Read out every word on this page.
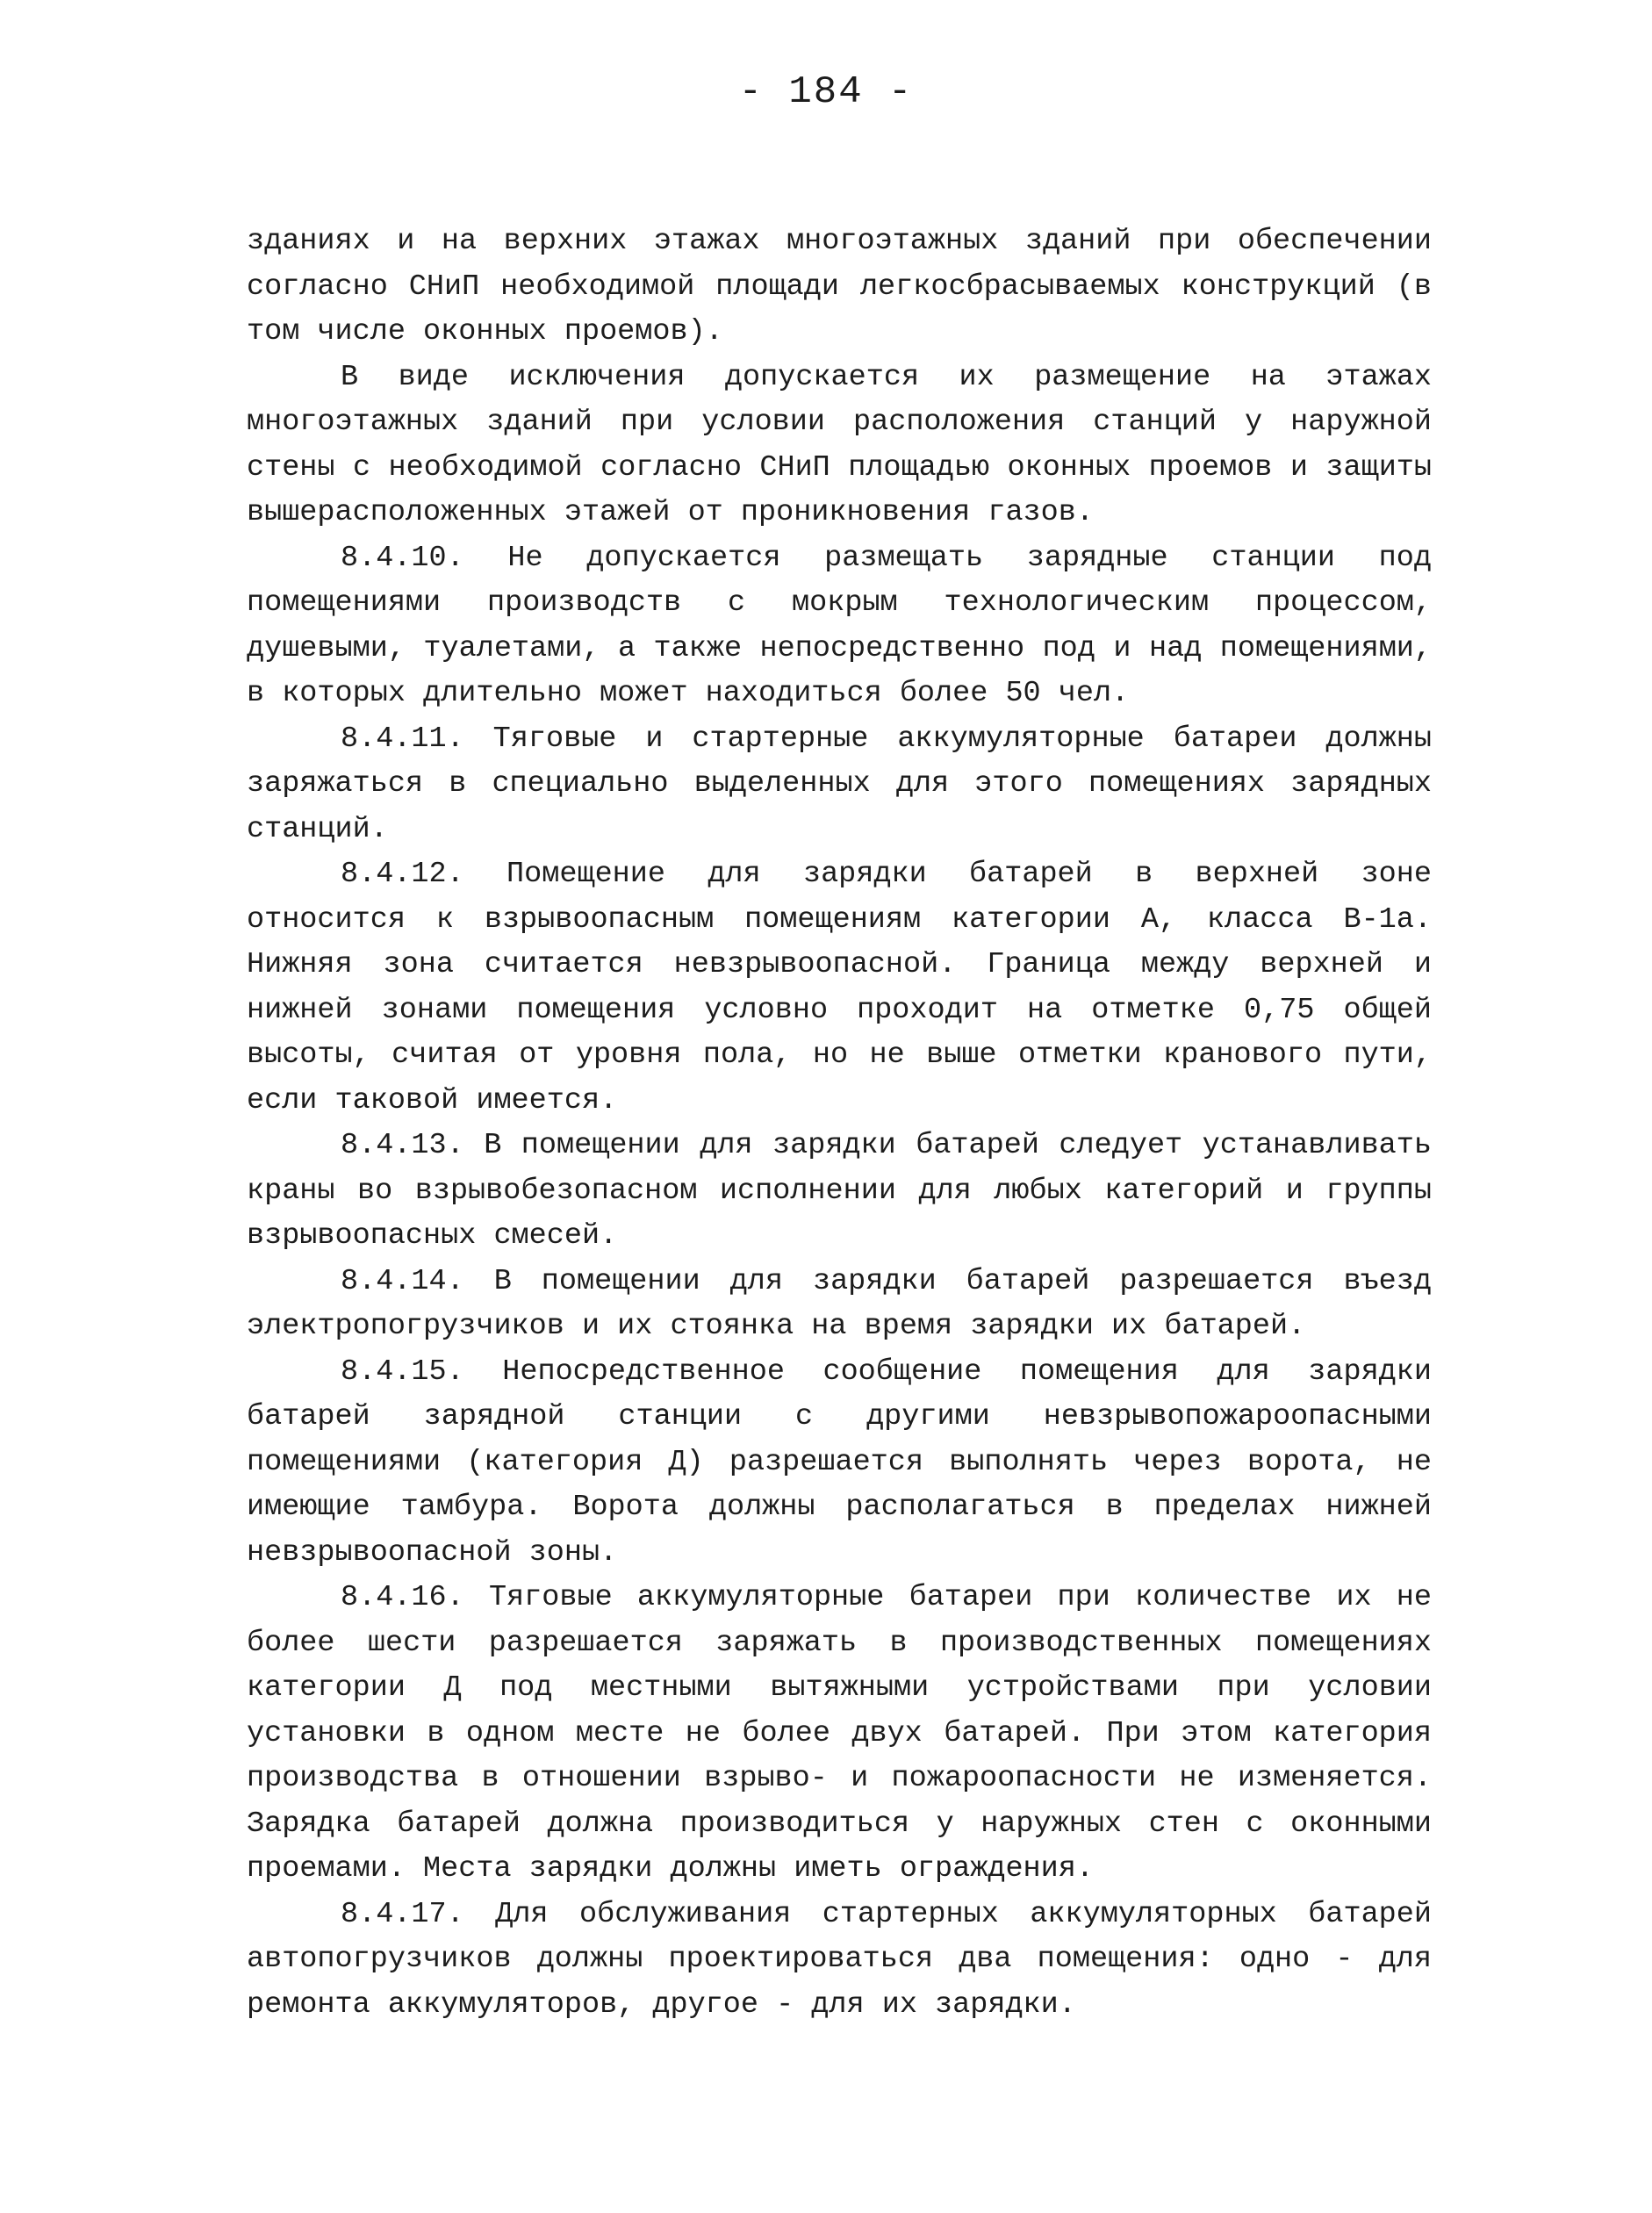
- 184 -

зданиях и на верхних этажах многоэтажных зданий при обеспечении согласно СНиП необходимой площади легкосбрасываемых конструкций (в том числе оконных проемов).

В виде исключения допускается их размещение на этажах многоэтажных зданий при условии расположения станций у наружной стены с необходимой согласно СНиП площадью оконных проемов и защиты вышерасположенных этажей от проникновения газов.

8.4.10. Не допускается размещать зарядные станции под помещениями производств с мокрым технологическим процессом, душевыми, туалетами, а также непосредственно под и над помещениями, в которых длительно может находиться более 50 чел.

8.4.11. Тяговые и стартерные аккумуляторные батареи должны заряжаться в специально выделенных для этого помещениях зарядных станций.

8.4.12. Помещение для зарядки батарей в верхней зоне относится к взрывоопасным помещениям категории А, класса В-1а. Нижняя зона считается невзрывоопасной. Граница между верхней и нижней зонами помещения условно проходит на отметке 0,75 общей высоты, считая от уровня пола, но не выше отметки кранового пути, если таковой имеется.

8.4.13. В помещении для зарядки батарей следует устанавливать краны во взрывобезопасном исполнении для любых категорий и группы взрывоопасных смесей.

8.4.14. В помещении для зарядки батарей разрешается въезд электропогрузчиков и их стоянка на время зарядки их батарей.

8.4.15. Непосредственное сообщение помещения для зарядки батарей зарядной станции с другими невзрывопожароопасными помещениями (категория Д) разрешается выполнять через ворота, не имеющие тамбура. Ворота должны располагаться в пределах нижней невзрывоопасной зоны.

8.4.16. Тяговые аккумуляторные батареи при количестве их не более шести разрешается заряжать в производственных помещениях категории Д под местными вытяжными устройствами при условии установки в одном месте не более двух батарей. При этом категория производства в отношении взрыво- и пожароопасности не изменяется. Зарядка батарей должна производиться у наружных стен с оконными проемами. Места зарядки должны иметь ограждения.

8.4.17. Для обслуживания стартерных аккумуляторных батарей автопогрузчиков должны проектироваться два помещения: одно - для ремонта аккумуляторов, другое - для их зарядки.
